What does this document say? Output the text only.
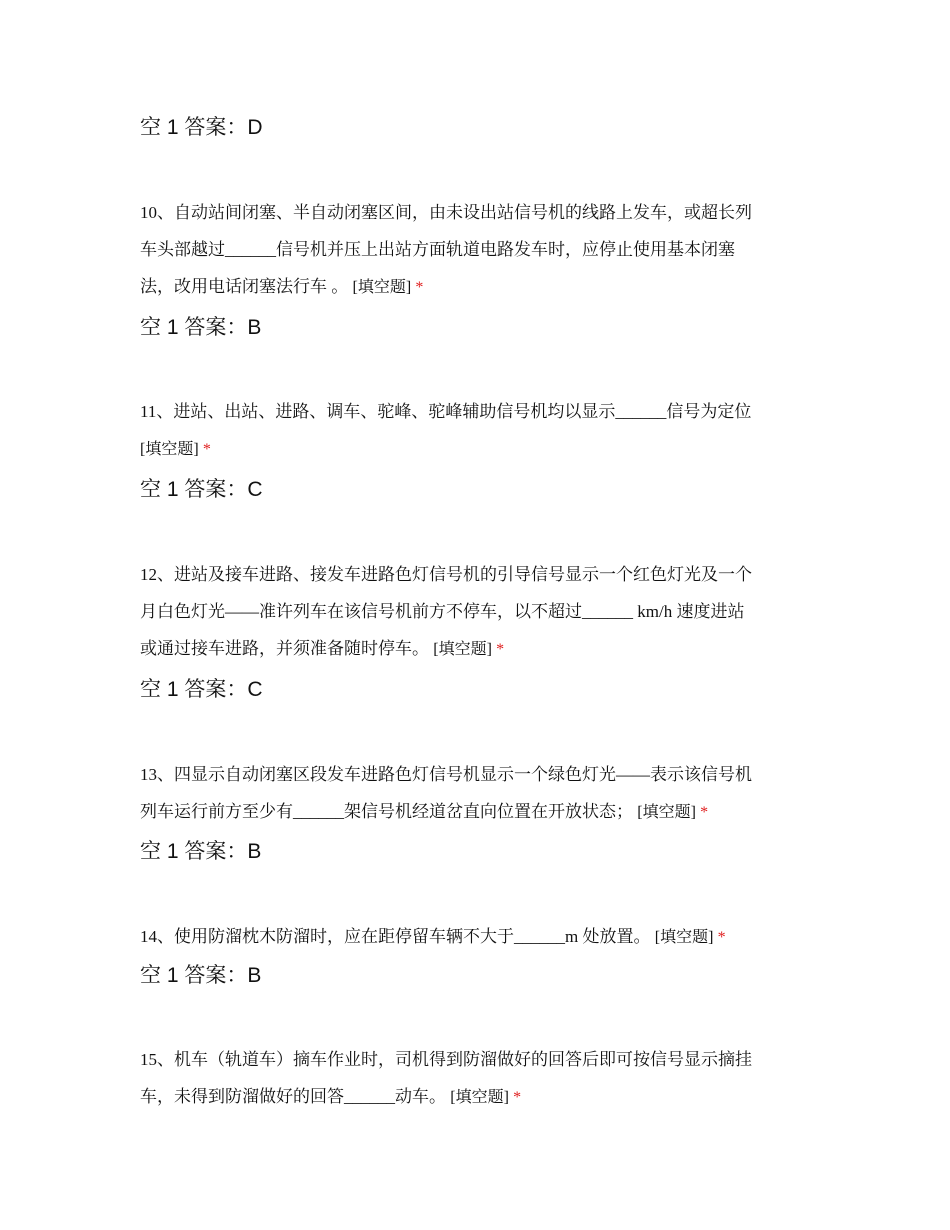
空 1 答案：D
10、自动站间闭塞、半自动闭塞区间，由未设出站信号机的线路上发车，或超长列
车头部越过______信号机并压上出站方面轨道电路发车时，应停止使用基本闭塞
法，改用电话闭塞法行车 。 [填空题] *
空 1 答案：B
11、进站、出站、进路、调车、驼峰、驼峰辅助信号机均以显示______信号为定位
[填空题] *
空 1 答案：C
12、进站及接车进路、接发车进路色灯信号机的引导信号显示一个红色灯光及一个
月白色灯光——准许列车在该信号机前方不停车，以不超过______ km/h 速度进站
或通过接车进路，并须准备随时停车。 [填空题] *
空 1 答案：C
13、四显示自动闭塞区段发车进路色灯信号机显示一个绿色灯光——表示该信号机
列车运行前方至少有______架信号机经道岔直向位置在开放状态； [填空题] *
空 1 答案：B
14、使用防溜枕木防溜时，应在距停留车辆不大于______m 处放置。 [填空题] *
空 1 答案：B
15、机车（轨道车）摘车作业时，司机得到防溜做好的回答后即可按信号显示摘挂
车，未得到防溜做好的回答______动车。 [填空题] *
